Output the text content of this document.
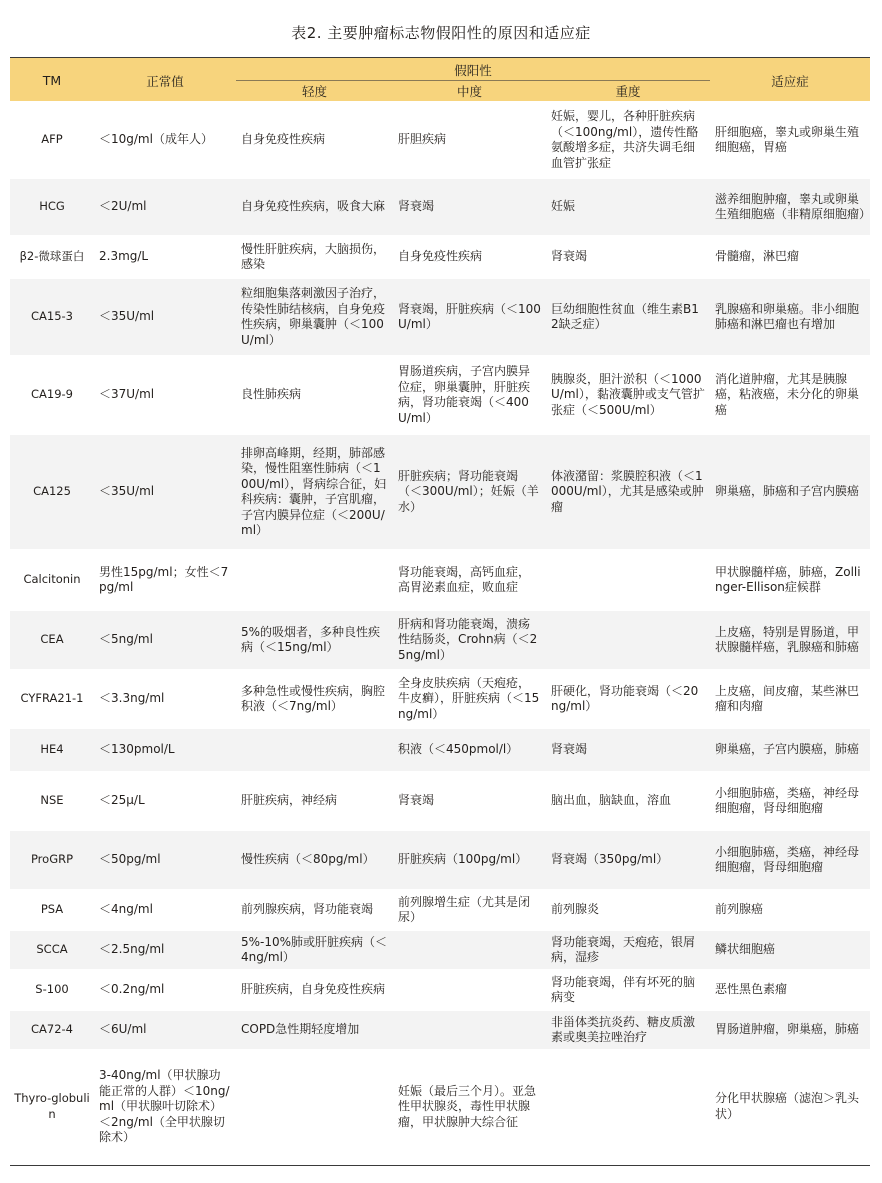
表2. 主要肿瘤标志物假阳性的原因和适应症
TM	正常值	假阳性			适应症

		轻度	中度	重度	
AFP	＜10g/ml（成年人）	自身免疫性疾病	肝胆疾病	妊娠，婴儿，各种肝脏疾病（＜100ng/ml），遗传性酪氨酸增多症，共济失调毛细血管扩张症	肝细胞癌，睾丸或卵巢生殖细胞癌，胃癌
HCG	＜2U/ml	自身免疫性疾病，吸食大麻	肾衰竭	妊娠	滋养细胞肿瘤，睾丸或卵巢生殖细胞癌（非精原细胞瘤）
β2-微球蛋白	2.3mg/L	慢性肝脏疾病，大脑损伤，感染	自身免疫性疾病	肾衰竭	骨髓瘤，淋巴瘤
CA15-3	＜35U/ml	粒细胞集落刺激因子治疗，传染性肺结核病，自身免疫性疾病，卵巢囊肿（＜100U/ml）	肾衰竭，肝脏疾病（＜100U/ml）	巨幼细胞性贫血（维生素B12缺乏症）	乳腺癌和卵巢癌。非小细胞肺癌和淋巴瘤也有增加
CA19-9	＜37U/ml	良性肺疾病	胃肠道疾病，子宫内膜异位症，卵巢囊肿，肝脏疾病，肾功能衰竭（＜400U/ml）	胰腺炎，胆汁淤积（＜1000U/ml），黏液囊肿或支气管扩张症（＜500U/ml）	消化道肿瘤，尤其是胰腺癌，粘液癌，未分化的卵巢癌
CA125	＜35U/ml	排卵高峰期，经期，肺部感染，慢性阻塞性肺病（＜100U/ml），肾病综合征，妇科疾病：囊肿，子宫肌瘤，子宫内膜异位症（＜200U/ml）	肝脏疾病；肾功能衰竭（＜300U/ml）；妊娠（羊水）	体液潴留：浆膜腔积液（＜1000U/ml），尤其是感染或肿瘤	卵巢癌，肺癌和子宫内膜癌
Calcitonin	男性15pg/ml；女性＜7pg/ml		肾功能衰竭，高钙血症，高胃泌素血症，败血症		甲状腺髓样癌，肺癌，Zollinger-Ellison症候群
CEA	＜5ng/ml	5%的吸烟者，多种良性疾病（＜15ng/ml）	肝病和肾功能衰竭，溃疡性结肠炎，Crohn病（＜25ng/ml）		上皮癌，特别是胃肠道，甲状腺髓样癌，乳腺癌和肺癌
CYFRA21-1	＜3.3ng/ml	多种急性或慢性疾病，胸腔积液（＜7ng/ml）	全身皮肤疾病（天疱疮，牛皮癣），肝脏疾病（＜15ng/ml）	肝硬化，肾功能衰竭（＜20ng/ml）	上皮癌，间皮瘤，某些淋巴瘤和肉瘤
HE4	＜130pmol/L		积液（＜450pmol/l）	肾衰竭	卵巢癌，子宫内膜癌，肺癌
NSE	＜25μ/L	肝脏疾病，神经病	肾衰竭	脑出血，脑缺血，溶血	小细胞肺癌，类癌，神经母细胞瘤，肾母细胞瘤
ProGRP	＜50pg/ml	慢性疾病（＜80pg/ml）	肝脏疾病（100pg/ml）	肾衰竭（350pg/ml）	小细胞肺癌，类癌，神经母细胞瘤，肾母细胞瘤
PSA	＜4ng/ml	前列腺疾病，肾功能衰竭	前列腺增生症（尤其是闭尿）	前列腺炎	前列腺癌
SCCA	＜2.5ng/ml	5%-10%肺或肝脏疾病（＜4ng/ml）		肾功能衰竭，天疱疮，银屑病，湿疹	鳞状细胞癌
S-100	＜0.2ng/ml	肝脏疾病，自身免疫性疾病		肾功能衰竭，伴有坏死的脑病变	恶性黑色素瘤
CA72-4	＜6U/ml	COPD急性期轻度增加		非甾体类抗炎药、糖皮质激素或奥美拉唑治疗	胃肠道肿瘤，卵巢癌，肺癌
Thyro-globulin	3-40ng/ml（甲状腺功能正常的人群）＜10ng/ml（甲状腺叶切除术）＜2ng/ml（全甲状腺切除术）		妊娠（最后三个月）。亚急性甲状腺炎，毒性甲状腺瘤，甲状腺肿大综合征		分化甲状腺癌（滤泡＞乳头状）
